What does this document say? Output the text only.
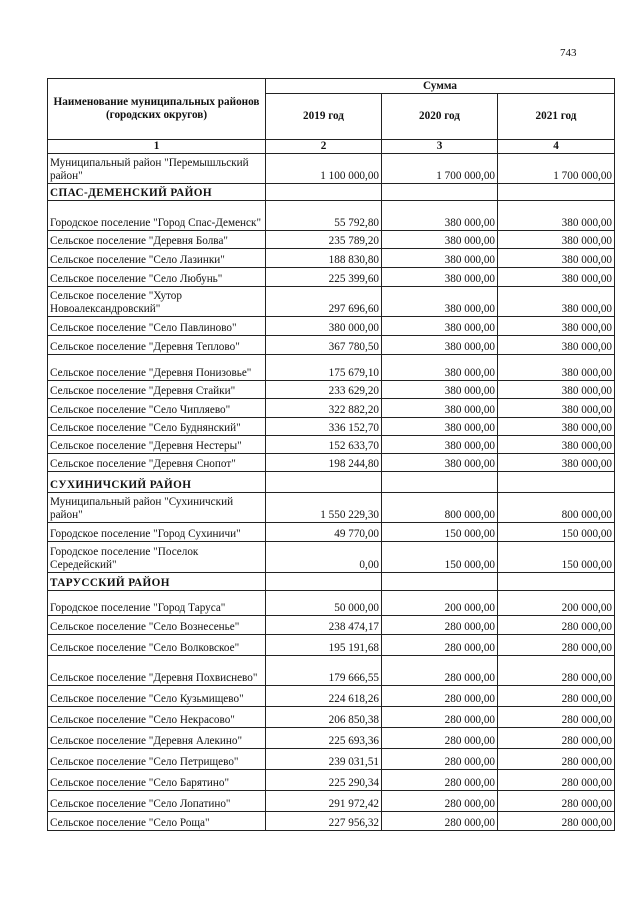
743
Наименование муниципальных районов (городских округов)	Сумма		
	2019 год	2020 год	2021 год
1	2	3	4
Муниципальный район "Перемышльский район"	1 100 000,00	1 700 000,00	1 700 000,00
СПАС-ДЕМЕНСКИЙ РАЙОН			
Городское поселение "Город Спас-Деменск"	55 792,80	380 000,00	380 000,00
Сельское поселение "Деревня Болва"	235 789,20	380 000,00	380 000,00
Сельское поселение "Село Лазинки"	188 830,80	380 000,00	380 000,00
Сельское поселение "Село Любунь"	225 399,60	380 000,00	380 000,00
Сельское поселение "Хутор Новоалександровский"	297 696,60	380 000,00	380 000,00
Сельское поселение "Село Павлиново"	380 000,00	380 000,00	380 000,00
Сельское поселение "Деревня Теплово"	367 780,50	380 000,00	380 000,00
Сельское поселение "Деревня Понизовье"	175 679,10	380 000,00	380 000,00
Сельское поселение "Деревня Стайки"	233 629,20	380 000,00	380 000,00
Сельское поселение "Село Чипляево"	322 882,20	380 000,00	380 000,00
Сельское поселение "Село Буднянский"	336 152,70	380 000,00	380 000,00
Сельское поселение "Деревня Нестеры"	152 633,70	380 000,00	380 000,00
Сельское поселение "Деревня Снопот"	198 244,80	380 000,00	380 000,00
СУХИНИЧСКИЙ РАЙОН			
Муниципальный район "Сухиничский район"	1 550 229,30	800 000,00	800 000,00
Городское поселение "Город Сухиничи"	49 770,00	150 000,00	150 000,00
Городское поселение "Поселок Середейский"	0,00	150 000,00	150 000,00
ТАРУССКИЙ РАЙОН			
Городское поселение "Город Таруса"	50 000,00	200 000,00	200 000,00
Сельское поселение "Село Вознесенье"	238 474,17	280 000,00	280 000,00
Сельское поселение "Село Волковское"	195 191,68	280 000,00	280 000,00
Сельское поселение "Деревня Похвиснево"	179 666,55	280 000,00	280 000,00
Сельское поселение "Село Кузьмищево"	224 618,26	280 000,00	280 000,00
Сельское поселение "Село Некрасово"	206 850,38	280 000,00	280 000,00
Сельское поселение "Деревня Алекино"	225 693,36	280 000,00	280 000,00
Сельское поселение "Село Петрищево"	239 031,51	280 000,00	280 000,00
Сельское поселение "Село Барятино"	225 290,34	280 000,00	280 000,00
Сельское поселение "Село Лопатино"	291 972,42	280 000,00	280 000,00
Сельское поселение "Село Роща"	227 956,32	280 000,00	280 000,00
